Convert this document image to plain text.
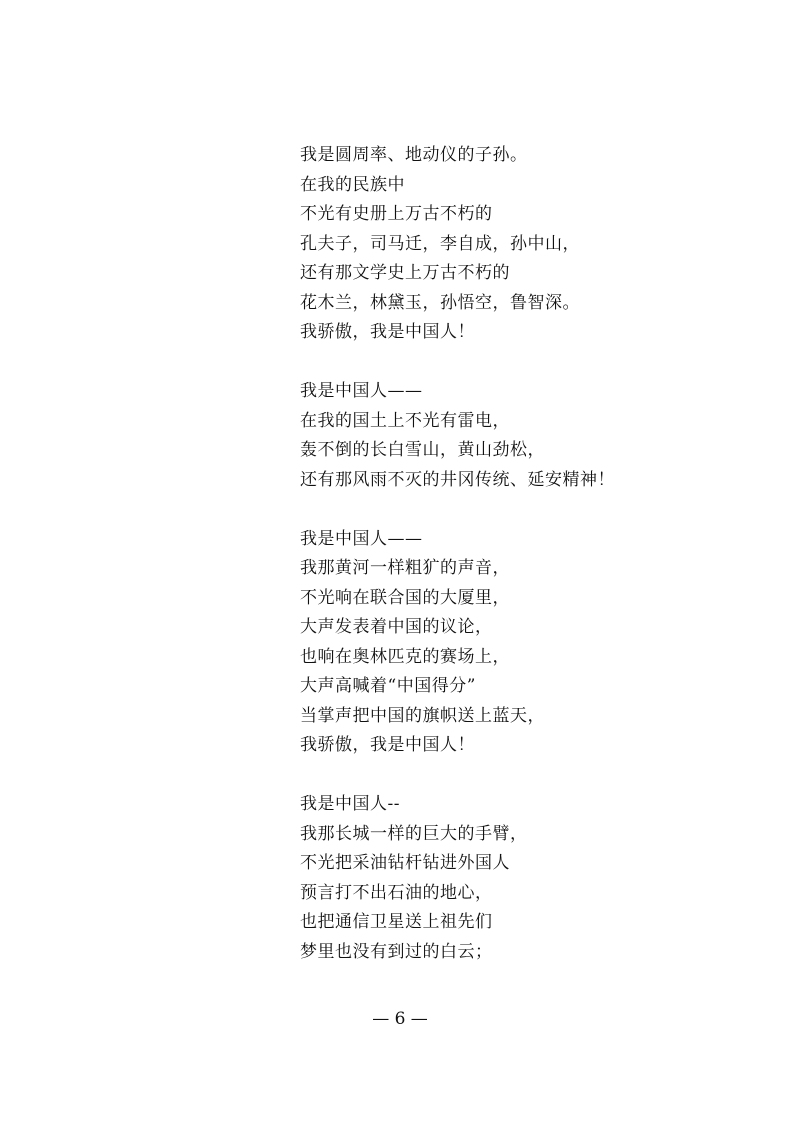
我是圆周率、地动仪的子孙。
在我的民族中
不光有史册上万古不朽的
孔夫子，司马迁，李自成，孙中山，
还有那文学史上万古不朽的
花木兰，林黛玉，孙悟空，鲁智深。
我骄傲，我是中国人！
我是中国人——
在我的国土上不光有雷电，
轰不倒的长白雪山，黄山劲松，
还有那风雨不灭的井冈传统、延安精神！
我是中国人——
我那黄河一样粗犷的声音，
不光响在联合国的大厦里，
大声发表着中国的议论，
也响在奥林匹克的赛场上，
大声高喊着“中国得分”
当掌声把中国的旗帜送上蓝天，
我骄傲，我是中国人！
我是中国人--
我那长城一样的巨大的手臂，
不光把采油钻杆钻进外国人
预言打不出石油的地心，
也把通信卫星送上祖先们
梦里也没有到过的白云；
— 6 —
